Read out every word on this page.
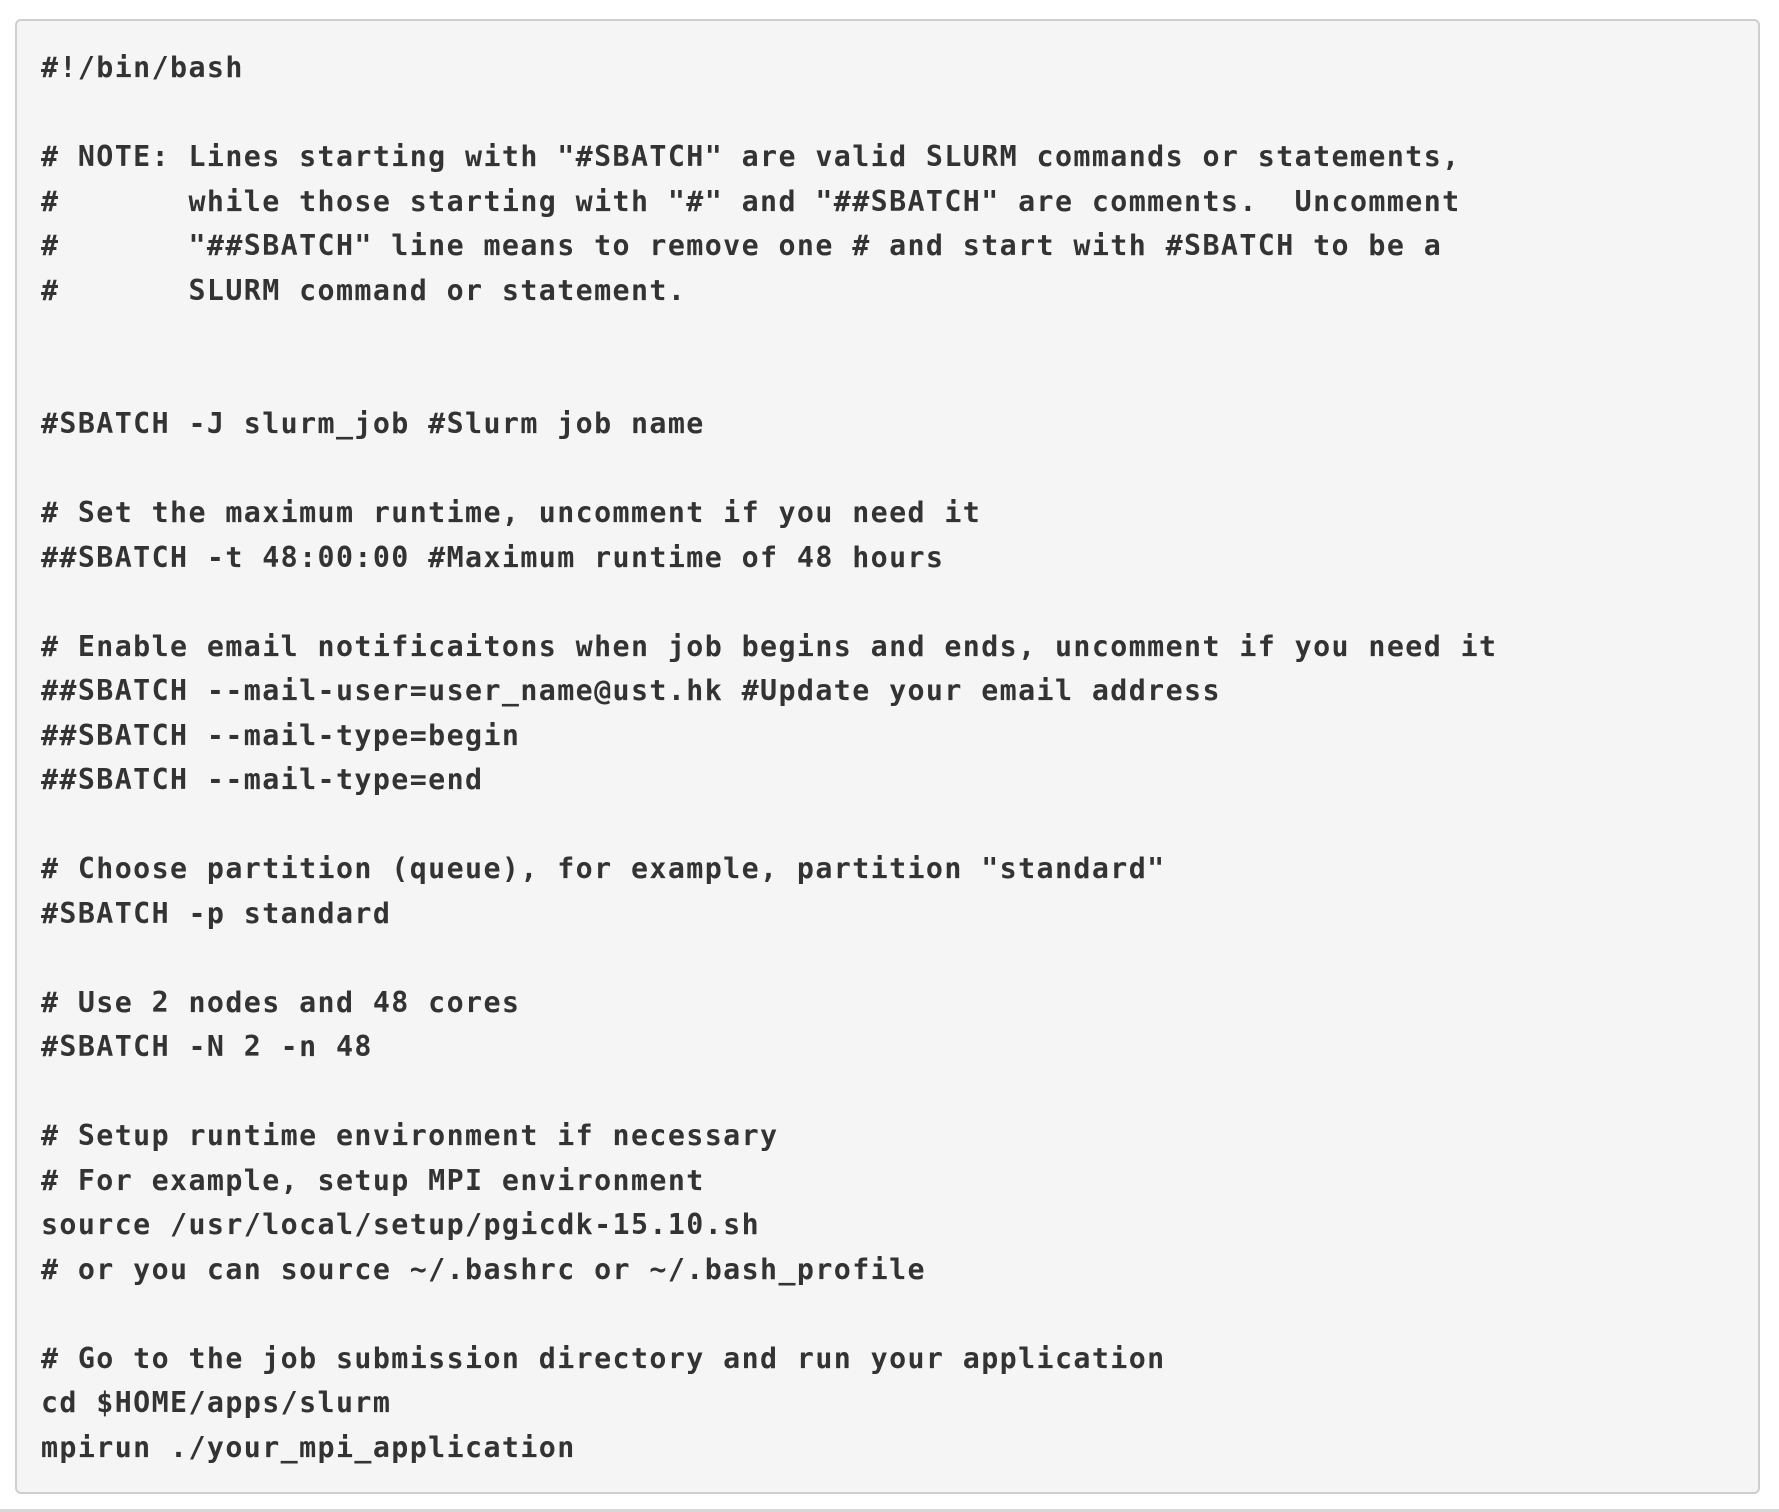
#!/bin/bash
# NOTE: Lines starting with "#SBATCH" are valid SLURM commands or statements,
#       while those starting with "#" and "##SBATCH" are comments.  Uncomment
#       "##SBATCH" line means to remove one # and start with #SBATCH to be a
#       SLURM command or statement.
#SBATCH -J slurm_job #Slurm job name
# Set the maximum runtime, uncomment if you need it
##SBATCH -t 48:00:00 #Maximum runtime of 48 hours
# Enable email notificaitons when job begins and ends, uncomment if you need it
##SBATCH --mail-user=user_name@ust.hk #Update your email address
##SBATCH --mail-type=begin
##SBATCH --mail-type=end
# Choose partition (queue), for example, partition "standard"
#SBATCH -p standard
# Use 2 nodes and 48 cores
#SBATCH -N 2 -n 48
# Setup runtime environment if necessary
# For example, setup MPI environment
source /usr/local/setup/pgicdk-15.10.sh
# or you can source ~/.bashrc or ~/.bash_profile
# Go to the job submission directory and run your application
cd $HOME/apps/slurm
mpirun ./your_mpi_application
